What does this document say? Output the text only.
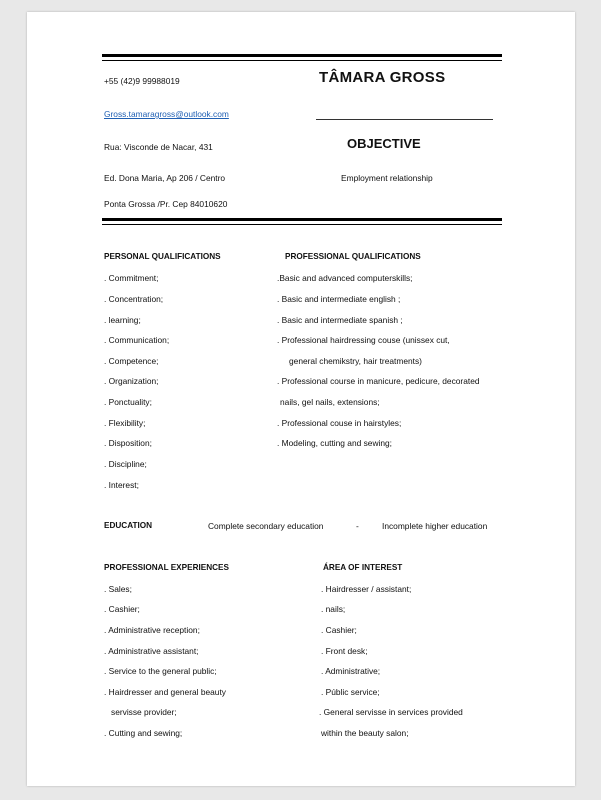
+55 (42)9 99988019
Gross.tamaragross@outlook.com
Rua: Visconde de Nacar, 431
Ed. Dona Maria, Ap 206 / Centro
Ponta Grossa /Pr. Cep 84010620
TÂMARA GROSS
OBJECTIVE
Employment relationship
PERSONAL QUALIFICATIONS
. Commitment;
. Concentration;
. learning;
. Communication;
. Competence;
. Organization;
. Ponctuality;
. Flexibility;
. Disposition;
. Discipline;
. Interest;
PROFESSIONAL QUALIFICATIONS
.Basic and advanced computerskills;
. Basic and intermediate english ;
. Basic and intermediate spanish ;
. Professional hairdressing couse (unissex cut,
general chemikstry, hair treatments)
. Professional course in manicure, pedicure, decorated
nails, gel nails, extensions;
. Professional couse in hairstyles;
. Modeling, cutting and sewing;
EDUCATION	Complete secondary education	-	Incomplete higher education
PROFESSIONAL EXPERIENCES
. Sales;
. Cashier;
. Administrative reception;
. Administrative assistant;
. Service to the general public;
. Hairdresser and general beauty
servisse provider;
. Cutting and sewing;
ÁREA OF INTEREST
. Hairdresser / assistant;
. nails;
. Cashier;
. Front desk;
. Administrative;
. Públic service;
. General servisse in services provided
within the beauty salon;
